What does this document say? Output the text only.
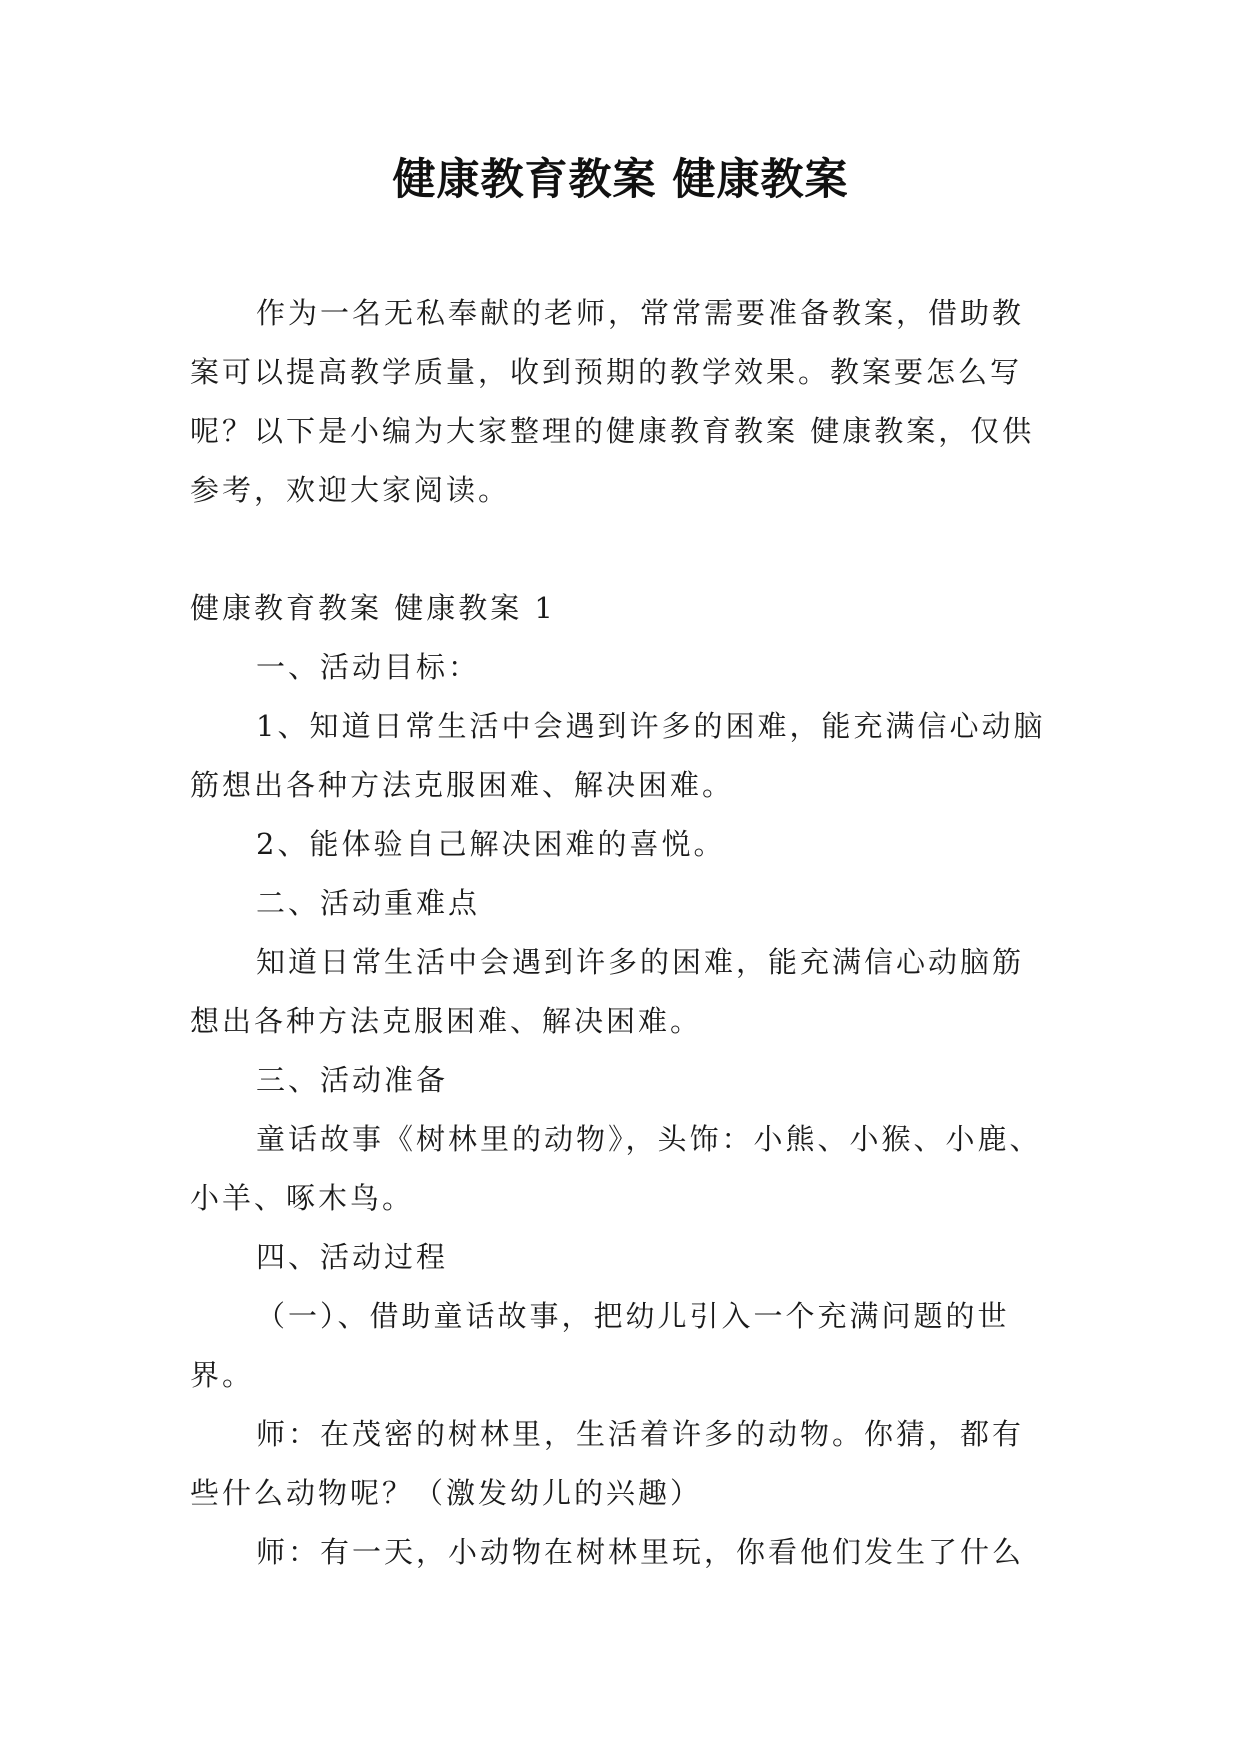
健康教育教案 健康教案

作为一名无私奉献的老师，常常需要准备教案，借助教案可以提高教学质量，收到预期的教学效果。教案要怎么写呢？以下是小编为大家整理的健康教育教案 健康教案，仅供参考，欢迎大家阅读。

健康教育教案 健康教案 1

一、活动目标：

1、知道日常生活中会遇到许多的困难，能充满信心动脑筋想出各种方法克服困难、解决困难。

2、能体验自己解决困难的喜悦。

二、活动重难点

知道日常生活中会遇到许多的困难，能充满信心动脑筋想出各种方法克服困难、解决困难。

三、活动准备

童话故事《树林里的动物》，头饰：小熊、小猴、小鹿、小羊、啄木鸟。

四、活动过程

（一）、借助童话故事，把幼儿引入一个充满问题的世界。

师：在茂密的树林里，生活着许多的动物。你猜，都有些什么动物呢？（激发幼儿的兴趣）

师：有一天，小动物在树林里玩，你看他们发生了什么
